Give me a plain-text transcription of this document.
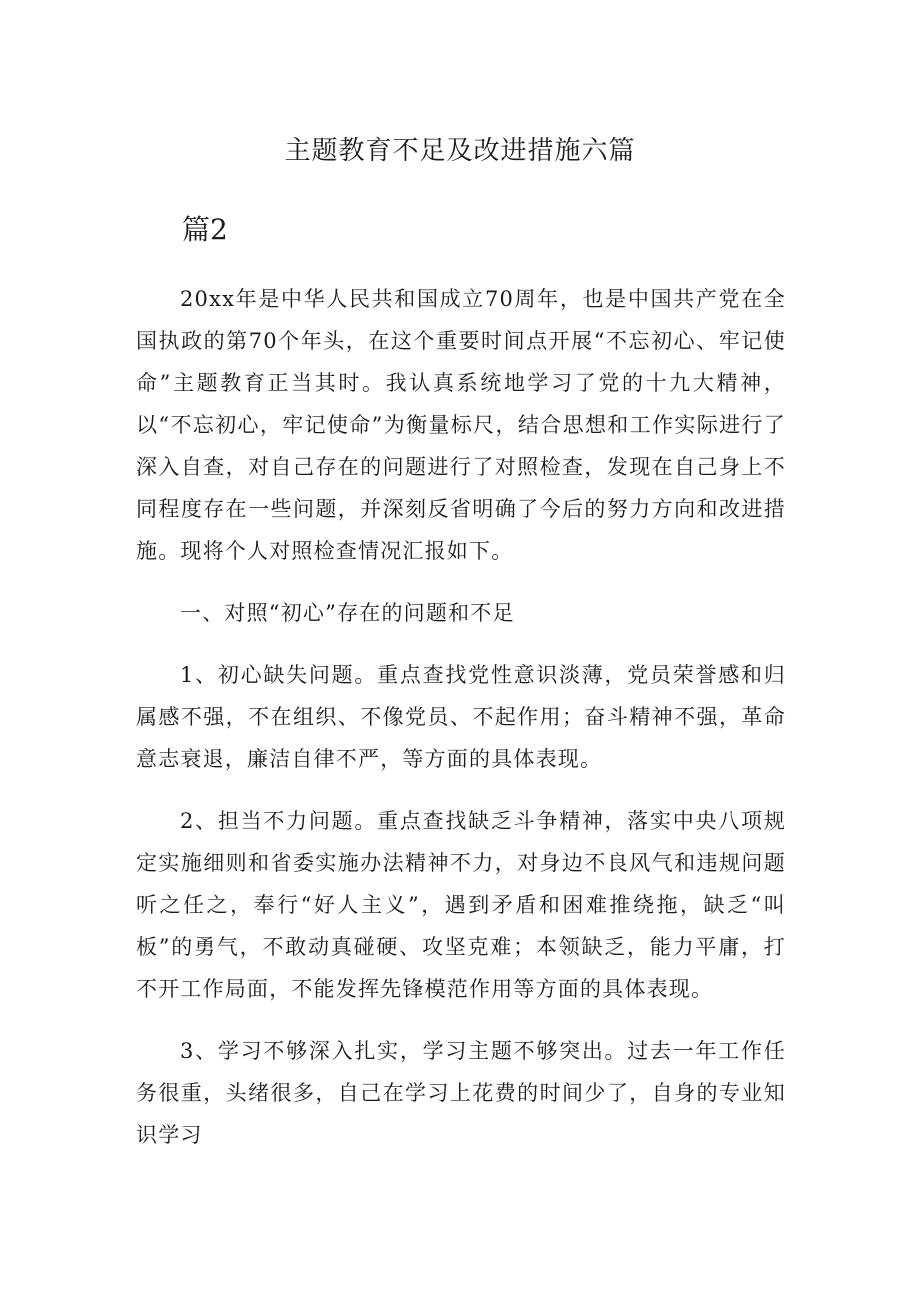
主题教育不足及改进措施六篇
篇2

20xx年是中华人民共和国成立70周年，也是中国共产党在全国执政的第70个年头，在这个重要时间点开展“不忘初心、牢记使命”主题教育正当其时。我认真系统地学习了党的十九大精神，以“不忘初心，牢记使命”为衡量标尺，结合思想和工作实际进行了深入自查，对自己存在的问题进行了对照检查，发现在自己身上不同程度存在一些问题，并深刻反省明确了今后的努力方向和改进措施。现将个人对照检查情况汇报如下。

一、对照“初心”存在的问题和不足

1、初心缺失问题。重点查找党性意识淡薄，党员荣誉感和归属感不强，不在组织、不像党员、不起作用；奋斗精神不强，革命意志衰退，廉洁自律不严，等方面的具体表现。

2、担当不力问题。重点查找缺乏斗争精神，落实中央八项规定实施细则和省委实施办法精神不力，对身边不良风气和违规问题听之任之，奉行“好人主义”，遇到矛盾和困难推绕拖，缺乏“叫板”的勇气，不敢动真碰硬、攻坚克难；本领缺乏，能力平庸，打不开工作局面，不能发挥先锋模范作用等方面的具体表现。

3、学习不够深入扎实，学习主题不够突出。过去一年工作任务很重，头绪很多，自己在学习上花费的时间少了，自身的专业知识学习
